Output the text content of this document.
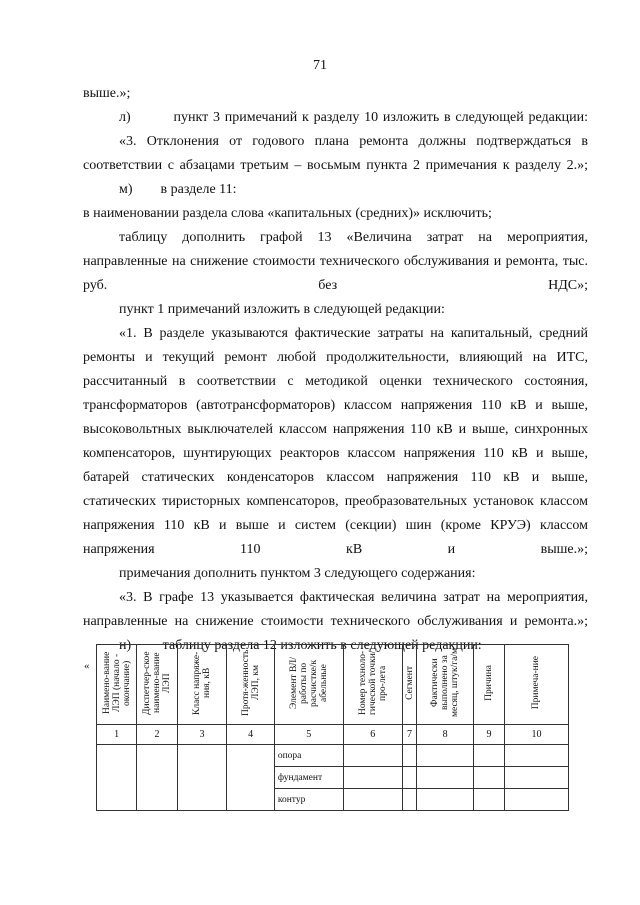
71

выше.»;

л)         пункт 3 примечаний к разделу 10 изложить в следующей редакции:

«3. Отклонения от годового плана ремонта должны подтверждаться в соответствии с абзацами третьим – восьмым пункта 2 примечания к разделу 2.»;

м)        в разделе 11:

в наименовании раздела слова «капитальных (средних)» исключить;

таблицу дополнить графой 13 «Величина затрат на мероприятия, направленные на снижение стоимости технического обслуживания и ремонта, тыс. руб. без НДС»;

пункт 1 примечаний изложить в следующей редакции:

«1. В разделе указываются фактические затраты на капитальный, средний ремонты и текущий ремонт любой продолжительности, влияющий на ИТС, рассчитанный в соответствии с методикой оценки технического состояния, трансформаторов (автотрансформаторов) классом напряжения 110 кВ и выше, высоковольтных выключателей классом напряжения 110 кВ и выше, синхронных компенсаторов, шунтирующих реакторов классом напряжения 110 кВ и выше, батарей статических конденсаторов классом напряжения 110 кВ и выше, статических тиристорных компенсаторов, преобразовательных установок классом напряжения 110 кВ и выше и систем (секции) шин (кроме КРУЭ) классом напряжения 110 кВ и выше.»;

примечания дополнить пунктом 3 следующего содержания:

«3. В графе 13 указывается фактическая величина затрат на мероприятия, направленные на снижение стоимости технического обслуживания и ремонта.»;

н)         таблицу раздела 12 изложить в следующей редакции:

« Наимено-вание ЛЭП (начало - окончание)	Диспетчер-ское наимено-вание ЛЭП	Класс напряже-ния, кВ	Протя-женность ЛЭП, км	Элемент ВЛ/работы по расчистке/к абельные	Номер техноло-гической точки/про-лета	Сегмент	Фактически выполнено за месяц, штук/га/м	Причина	Примеча-ние
1	2	3	4	5	6	7	8	9	10
				опора					
				фундамент					
				контур					
